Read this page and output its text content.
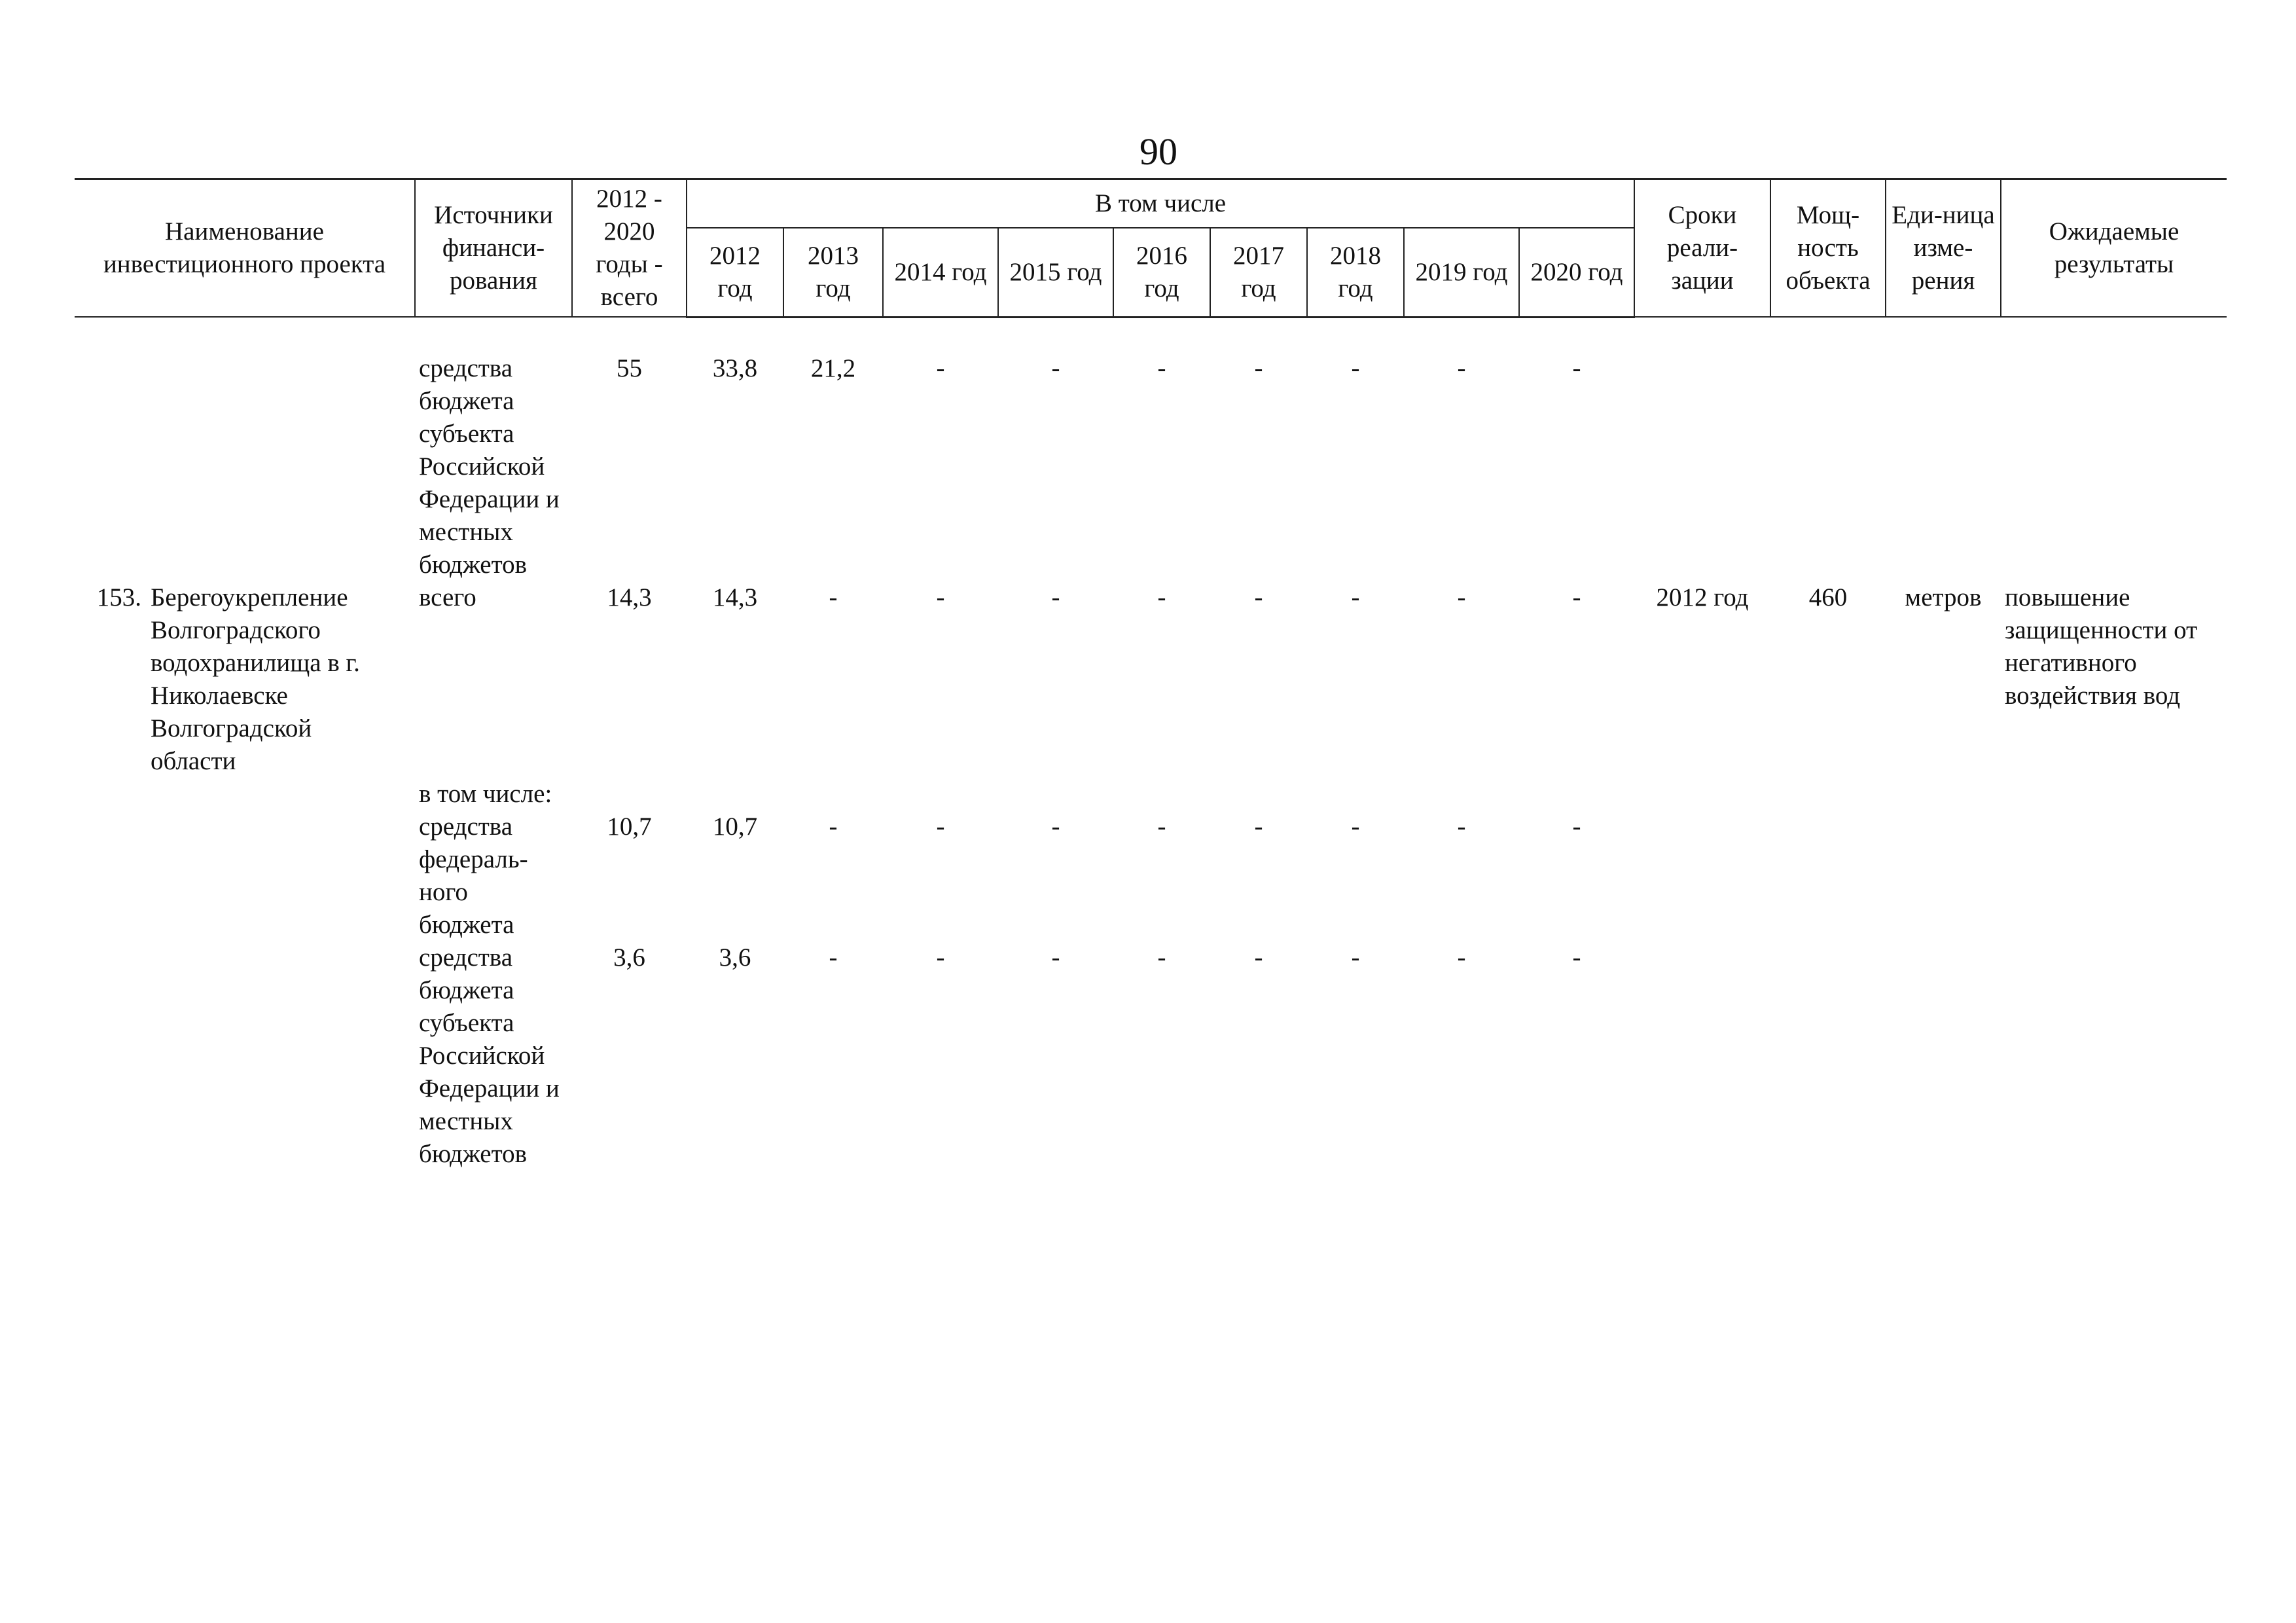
90
Наименование инвестиционного проекта	Источники финанси-рования	2012 - 2020 годы - всего	В том числе									Сроки реали-зации	Мощ-ность объекта	Еди-ница изме-рения	Ожидаемые результаты
			2012 год	2013 год	2014 год	2015 год	2016 год	2017 год	2018 год	2019 год	2020 год				

	средства бюджета субъекта Российской Федерации и местных бюджетов	55	33,8	21,2	-	-	-	-	-	-	-				
153. Берегоукрепление Волгоградского водохранилища в г. Николаевске Волгоградской области	всего	14,3	14,3	-	-	-	-	-	-	-	-	2012 год	460	метров	повышение защищенности от негативного воздействия вод
	в том числе:														
	средства федераль-ного бюджета	10,7	10,7	-	-	-	-	-	-	-	-				
	средства бюджета субъекта Российской Федерации и местных бюджетов	3,6	3,6	-	-	-	-	-	-	-	-				
